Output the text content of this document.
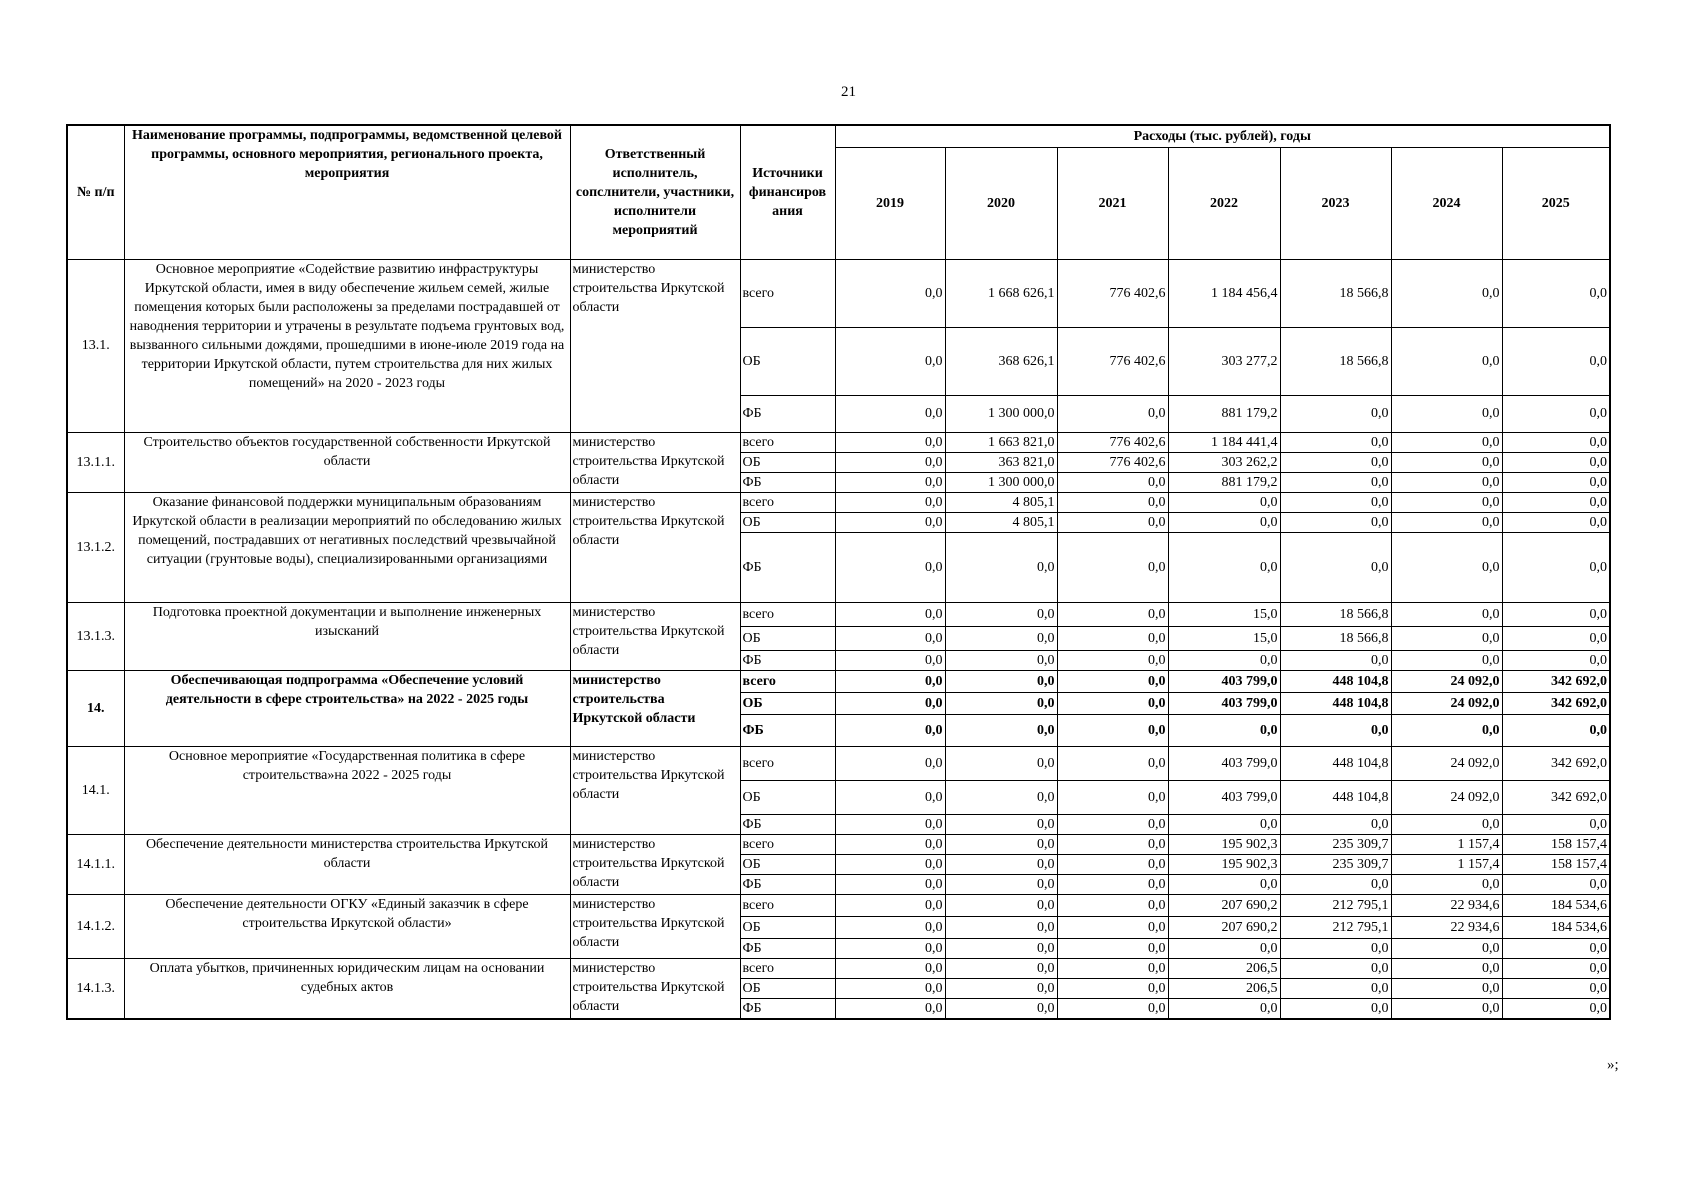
21
№ п/п	Наименование программы, подпрограммы, ведомственной целевой программы, основного мероприятия, регионального проекта, мероприятия	Ответственный исполнитель, сопслнители, участники, исполнители мероприятий	Источники финансиров ания	Расходы (тыс. рублей), годы						
				2019	2020	2021	2022	2023	2024	2025
13.1.	Основное мероприятие «Содействие развитию инфраструктуры Иркутской области, имея в виду обеспечение жильем семей, жилые помещения которых были расположены за пределами пострадавшей от наводнения территории и утрачены в результате подъема грунтовых вод, вызванного сильными дождями, прошедшими в июне-июле 2019 года на территории Иркутской области, путем строительства для них жилых помещений» на 2020 - 2023 годы	министерство строительства Иркутской области	всего	0,0	1 668 626,1	776 402,6	1 184 456,4	18 566,8	0,0	0,0
			ОБ	0,0	368 626,1	776 402,6	303 277,2	18 566,8	0,0	0,0
			ФБ	0,0	1 300 000,0	0,0	881 179,2	0,0	0,0	0,0
13.1.1.	Строительство объектов государственной собственности Иркутской области	министерство строительства Иркутской области	всего	0,0	1 663 821,0	776 402,6	1 184 441,4	0,0	0,0	0,0
			ОБ	0,0	363 821,0	776 402,6	303 262,2	0,0	0,0	0,0
			ФБ	0,0	1 300 000,0	0,0	881 179,2	0,0	0,0	0,0
13.1.2.	Оказание финансовой поддержки муниципальным образованиям Иркутской области в реализации мероприятий по обследованию жилых помещений, пострадавших от негативных последствий чрезвычайной ситуации (грунтовые воды), специализированными организациями	министерство строительства Иркутской области	всего	0,0	4 805,1	0,0	0,0	0,0	0,0	0,0
			ОБ	0,0	4 805,1	0,0	0,0	0,0	0,0	0,0
			ФБ	0,0	0,0	0,0	0,0	0,0	0,0	0,0
13.1.3.	Подготовка проектной документации и выполнение инженерных изысканий	министерство строительства Иркутской области	всего	0,0	0,0	0,0	15,0	18 566,8	0,0	0,0
			ОБ	0,0	0,0	0,0	15,0	18 566,8	0,0	0,0
			ФБ	0,0	0,0	0,0	0,0	0,0	0,0	0,0
14.	Обеспечивающая подпрограмма «Обеспечение условий деятельности в сфере строительства» на 2022 - 2025 годы	министерство строительства Иркутской области	всего	0,0	0,0	0,0	403 799,0	448 104,8	24 092,0	342 692,0
			ОБ	0,0	0,0	0,0	403 799,0	448 104,8	24 092,0	342 692,0
			ФБ	0,0	0,0	0,0	0,0	0,0	0,0	0,0
14.1.	Основное мероприятие «Государственная политика в сфере строительства»на 2022 - 2025 годы	министерство строительства Иркутской области	всего	0,0	0,0	0,0	403 799,0	448 104,8	24 092,0	342 692,0
			ОБ	0,0	0,0	0,0	403 799,0	448 104,8	24 092,0	342 692,0
			ФБ	0,0	0,0	0,0	0,0	0,0	0,0	0,0
14.1.1.	Обеспечение деятельности министерства строительства Иркутской области	министерство строительства Иркутской области	всего	0,0	0,0	0,0	195 902,3	235 309,7	1 157,4	158 157,4
			ОБ	0,0	0,0	0,0	195 902,3	235 309,7	1 157,4	158 157,4
			ФБ	0,0	0,0	0,0	0,0	0,0	0,0	0,0
14.1.2.	Обеспечение деятельности ОГКУ «Единый заказчик в сфере строительства Иркутской области»	министерство строительства Иркутской области	всего	0,0	0,0	0,0	207 690,2	212 795,1	22 934,6	184 534,6
			ОБ	0,0	0,0	0,0	207 690,2	212 795,1	22 934,6	184 534,6
			ФБ	0,0	0,0	0,0	0,0	0,0	0,0	0,0
14.1.3.	Оплата убытков, причиненных юридическим лицам на основании судебных актов	министерство строительства Иркутской области	всего	0,0	0,0	0,0	206,5	0,0	0,0	0,0
			ОБ	0,0	0,0	0,0	206,5	0,0	0,0	0,0
			ФБ	0,0	0,0	0,0	0,0	0,0	0,0	0,0
»;
